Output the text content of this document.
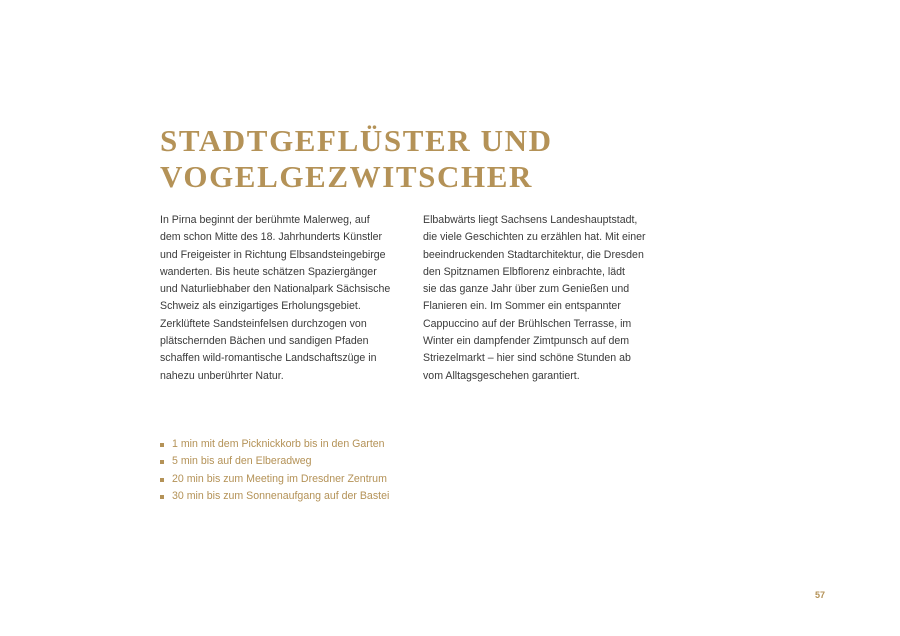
STADTGEFLÜSTER UND
VOGELGEZWITSCHER

In Pirna beginnt der berühmte Malerweg, auf
dem schon Mitte des 18. Jahrhunderts Künstler
und Freigeister in Richtung Elbsandsteingebirge
wanderten. Bis heute schätzen Spaziergänger
und Naturliebhaber den Nationalpark Sächsische
Schweiz als einzigartiges Erholungsgebiet.
Zerklüftete Sandsteinfelsen durchzogen von
plätschernden Bächen und sandigen Pfaden
schaffen wild-romantische Landschaftszüge in
nahezu unberührter Natur.

Elbabwärts liegt Sachsens Landeshauptstadt,
die viele Geschichten zu erzählen hat. Mit einer
beeindruckenden Stadtarchitektur, die Dresden
den Spitznamen Elbflorenz einbrachte, lädt
sie das ganze Jahr über zum Genießen und
Flanieren ein. Im Sommer ein entspannter
Cappuccino auf der Brühlschen Terrasse, im
Winter ein dampfender Zimtpunsch auf dem
Striezelmarkt – hier sind schöne Stunden ab
vom Alltagsgeschehen garantiert.

1 min mit dem Picknickkorb bis in den Garten
5 min bis auf den Elberadweg
20 min bis zum Meeting im Dresdner Zentrum
30 min bis zum Sonnenaufgang auf der Bastei
57
